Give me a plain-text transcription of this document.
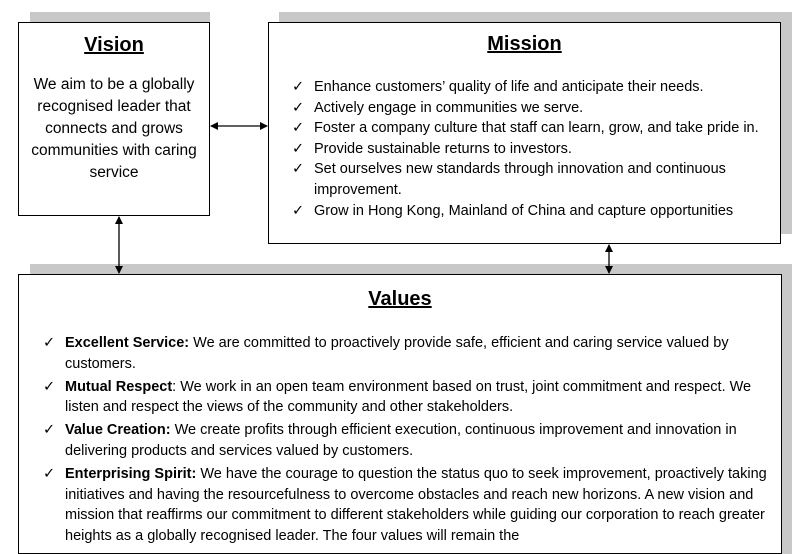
Vision
We aim to be a globally recognised leader that connects and grows communities with caring service
Mission
✓ Enhance customers’ quality of life and anticipate their needs.
✓ Actively engage in communities we serve.
✓ Foster a company culture that staff can learn, grow, and take pride in.
✓ Provide sustainable returns to investors.
✓ Set ourselves new standards through innovation and continuous improvement.
✓ Grow in Hong Kong, Mainland of China and capture opportunities
Values
✓ Excellent Service: We are committed to proactively provide safe, efficient and caring service valued by customers.
✓ Mutual Respect: We work in an open team environment based on trust, joint commitment and respect. We listen and respect the views of the community and other stakeholders.
✓ Value Creation: We create profits through efficient execution, continuous improvement and innovation in delivering products and services valued by customers.
✓ Enterprising Spirit: We have the courage to question the status quo to seek improvement, proactively taking initiatives and having the resourcefulness to overcome obstacles and reach new horizons. A new vision and mission that reaffirms our commitment to different stakeholders while guiding our corporation to reach greater heights as a globally recognised leader. The four values will remain the
